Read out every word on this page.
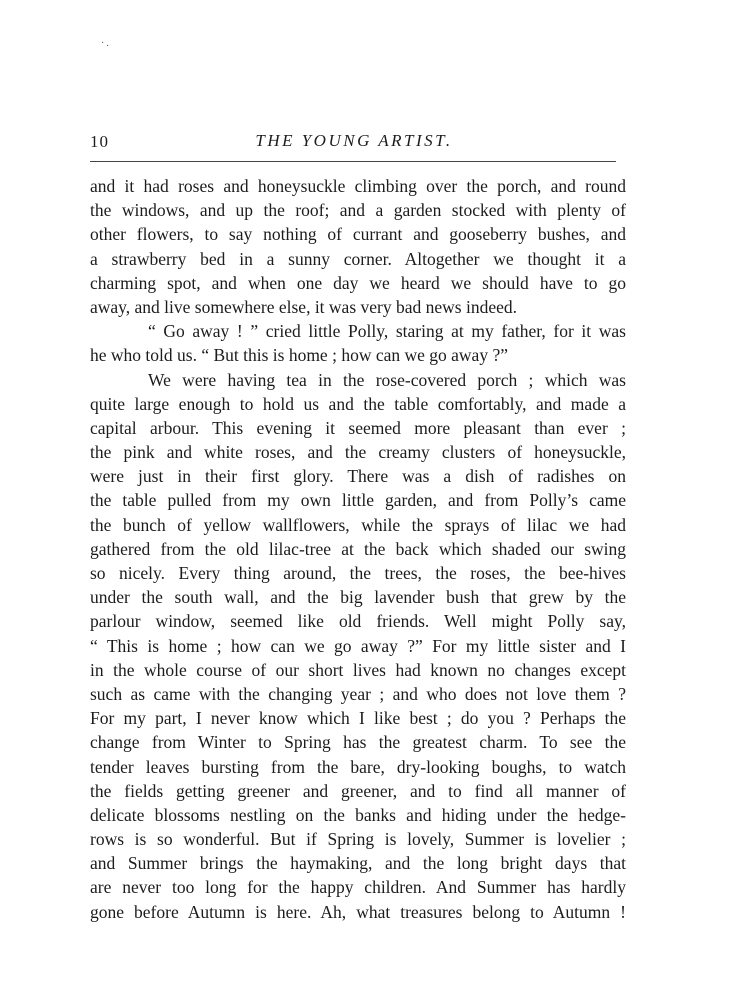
·.
10	THE YOUNG ARTIST.
and it had roses and honeysuckle climbing over the porch, and round
the windows, and up the roof; and a garden stocked with plenty of
other flowers, to say nothing of currant and gooseberry bushes, and
a strawberry bed in a sunny corner. Altogether we thought it a
charming spot, and when one day we heard we should have to go
away, and live somewhere else, it was very bad news indeed.
“ Go away ! ” cried little Polly, staring at my father, for it was
he who told us. “ But this is home ; how can we go away ?”
We were having tea in the rose-covered porch ; which was
quite large enough to hold us and the table comfortably, and made a
capital arbour. This evening it seemed more pleasant than ever ;
the pink and white roses, and the creamy clusters of honeysuckle,
were just in their first glory. There was a dish of radishes on
the table pulled from my own little garden, and from Polly’s came
the bunch of yellow wallflowers, while the sprays of lilac we had
gathered from the old lilac-tree at the back which shaded our swing
so nicely. Every thing around, the trees, the roses, the bee-hives
under the south wall, and the big lavender bush that grew by the
parlour window, seemed like old friends. Well might Polly say,
“ This is home ; how can we go away ?” For my little sister and I
in the whole course of our short lives had known no changes except
such as came with the changing year ; and who does not love them ?
For my part, I never know which I like best ; do you ? Perhaps the
change from Winter to Spring has the greatest charm. To see the
tender leaves bursting from the bare, dry-looking boughs, to watch
the fields getting greener and greener, and to find all manner of
delicate blossoms nestling on the banks and hiding under the hedge-
rows is so wonderful. But if Spring is lovely, Summer is lovelier ;
and Summer brings the haymaking, and the long bright days that
are never too long for the happy children. And Summer has hardly
gone before Autumn is here. Ah, what treasures belong to Autumn !
